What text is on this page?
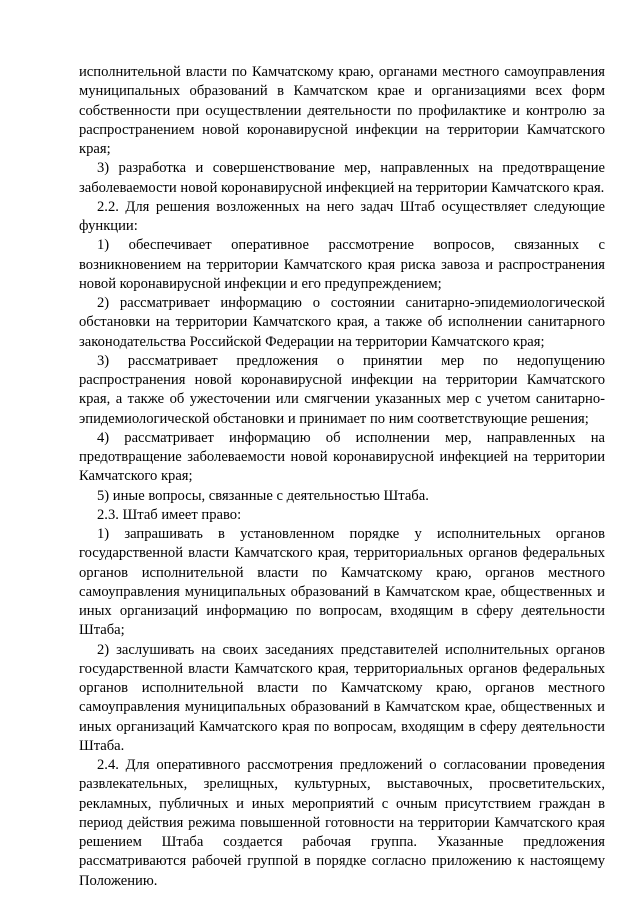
исполнительной власти по Камчатскому краю, органами местного самоуправления муниципальных образований в Камчатском крае и организациями всех форм собственности при осуществлении деятельности по профилактике и контролю за распространением новой коронавирусной инфекции на территории Камчатского края;

3) разработка и совершенствование мер, направленных на предотвращение заболеваемости новой коронавирусной инфекцией на территории Камчатского края.

2.2. Для решения возложенных на него задач Штаб осуществляет следующие функции:

1) обеспечивает оперативное рассмотрение вопросов, связанных с возникновением на территории Камчатского края риска завоза и распространения новой коронавирусной инфекции и его предупреждением;

2) рассматривает информацию о состоянии санитарно-эпидемиологической обстановки на территории Камчатского края, а также об исполнении санитарного законодательства Российской Федерации на территории Камчатского края;

3) рассматривает предложения о принятии мер по недопущению распространения новой коронавирусной инфекции на территории Камчатского края, а также об ужесточении или смягчении указанных мер с учетом санитарно-эпидемиологической обстановки и принимает по ним соответствующие решения;

4) рассматривает информацию об исполнении мер, направленных на предотвращение заболеваемости новой коронавирусной инфекцией на территории Камчатского края;

5) иные вопросы, связанные с деятельностью Штаба.

2.3. Штаб имеет право:

1) запрашивать в установленном порядке у исполнительных органов государственной власти Камчатского края, территориальных органов федеральных органов исполнительной власти по Камчатскому краю, органов местного самоуправления муниципальных образований в Камчатском крае, общественных и иных организаций информацию по вопросам, входящим в сферу деятельности Штаба;

2) заслушивать на своих заседаниях представителей исполнительных органов государственной власти Камчатского края, территориальных органов федеральных органов исполнительной власти по Камчатскому краю, органов местного самоуправления муниципальных образований в Камчатском крае, общественных и иных организаций Камчатского края по вопросам, входящим в сферу деятельности Штаба.

2.4. Для оперативного рассмотрения предложений о согласовании проведения развлекательных, зрелищных, культурных, выставочных, просветительских, рекламных, публичных и иных мероприятий с очным присутствием граждан в период действия режима повышенной готовности на территории Камчатского края решением Штаба создается рабочая группа. Указанные предложения рассматриваются рабочей группой в порядке согласно приложению к настоящему Положению.
